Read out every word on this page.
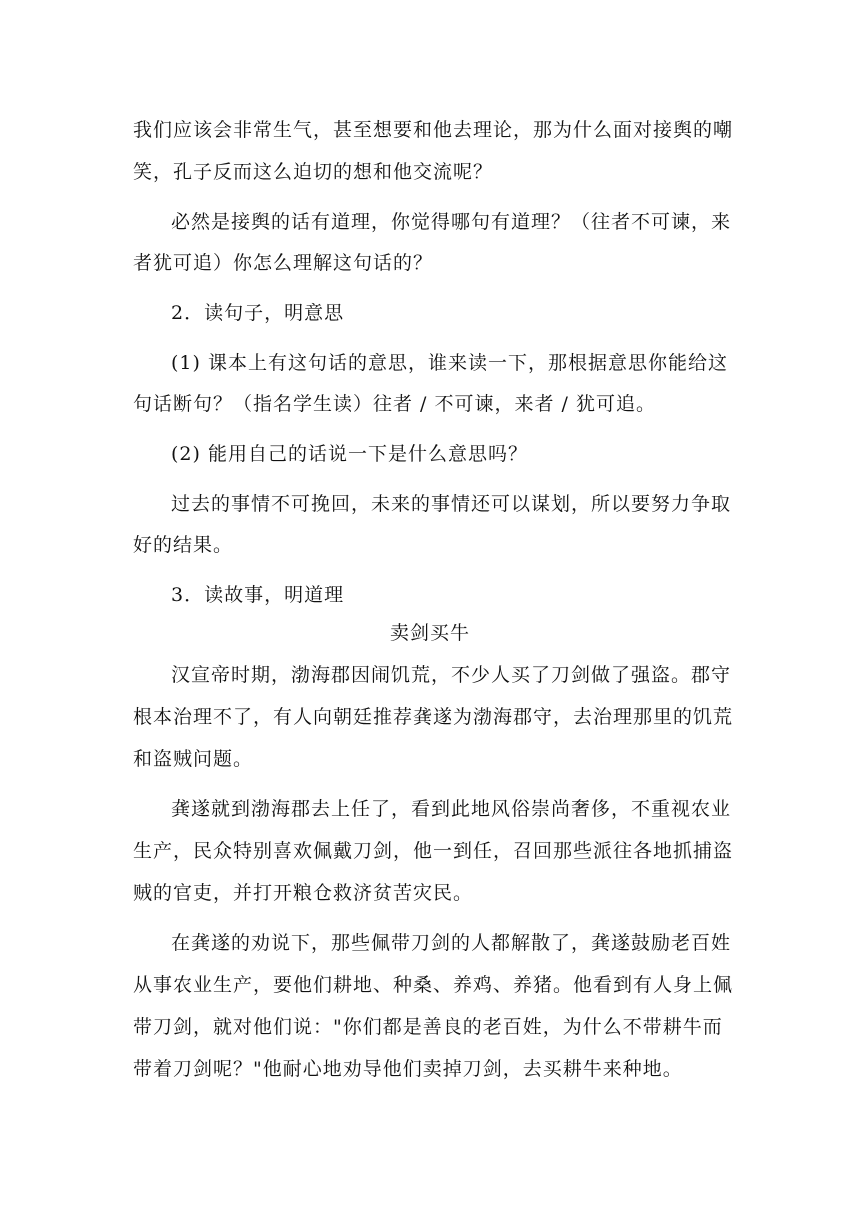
我们应该会非常生气，甚至想要和他去理论，那为什么面对接舆的嘲
笑，孔子反而这么迫切的想和他交流呢？
必然是接舆的话有道理，你觉得哪句有道理？（往者不可谏，来
者犹可追）你怎么理解这句话的？
2．读句子，明意思
(1) 课本上有这句话的意思，谁来读一下，那根据意思你能给这
句话断句？（指名学生读）往者 / 不可谏，来者 / 犹可追。
(2) 能用自己的话说一下是什么意思吗？
过去的事情不可挽回，未来的事情还可以谋划，所以要努力争取
好的结果。
3．读故事，明道理
卖剑买牛
汉宣帝时期，渤海郡因闹饥荒，不少人买了刀剑做了强盗。郡守
根本治理不了，有人向朝廷推荐龚遂为渤海郡守，去治理那里的饥荒
和盗贼问题。
龚遂就到渤海郡去上任了，看到此地风俗崇尚奢侈，不重视农业
生产，民众特别喜欢佩戴刀剑，他一到任，召回那些派往各地抓捕盗
贼的官吏，并打开粮仓救济贫苦灾民。
在龚遂的劝说下，那些佩带刀剑的人都解散了，龚遂鼓励老百姓
从事农业生产，要他们耕地、种桑、养鸡、养猪。他看到有人身上佩
带刀剑，就对他们说："你们都是善良的老百姓，为什么不带耕牛而
带着刀剑呢？"他耐心地劝导他们卖掉刀剑，去买耕牛来种地。
